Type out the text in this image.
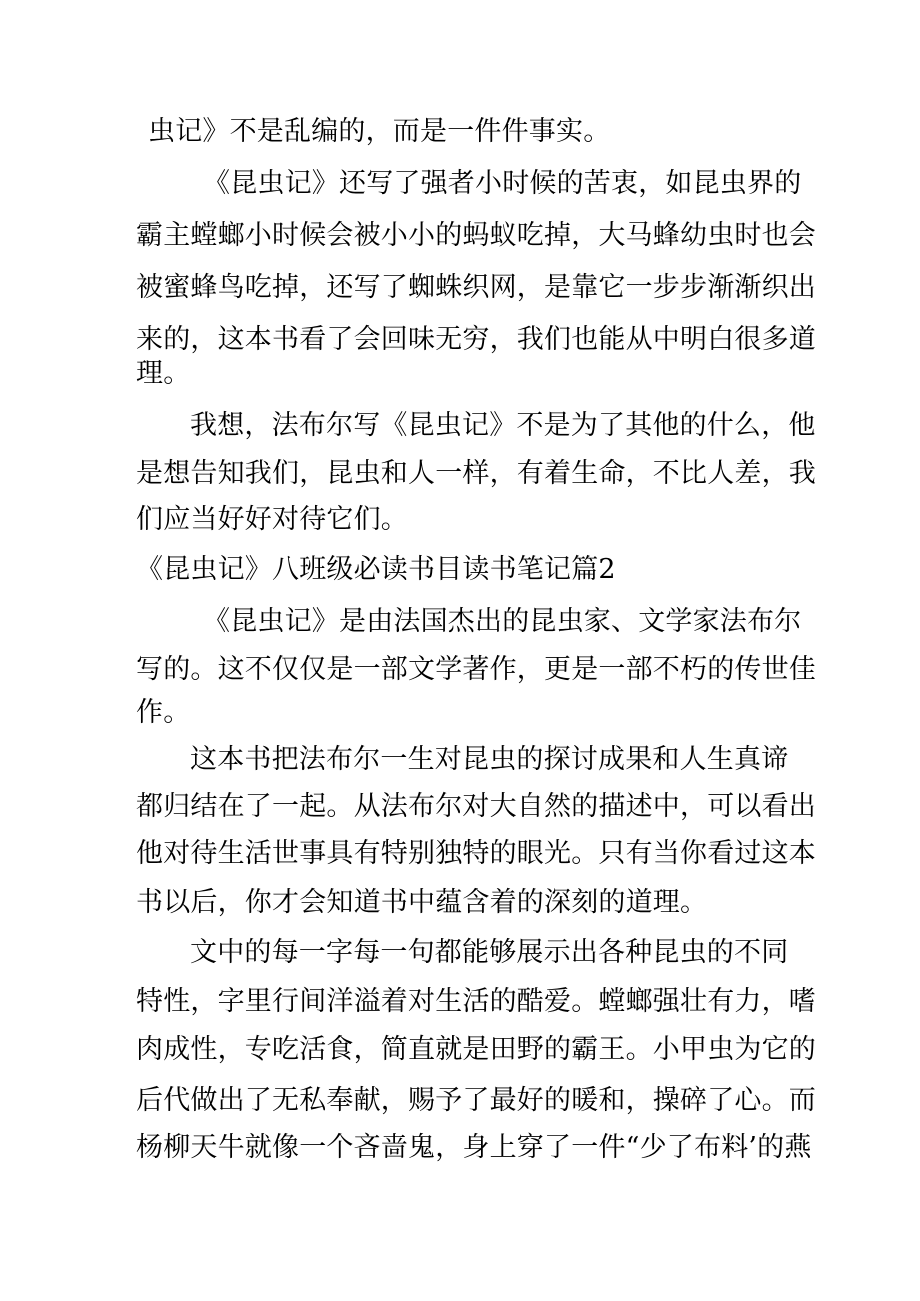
虫记》不是乱编的，而是一件件事实。

《昆虫记》还写了强者小时候的苦衷，如昆虫界的

霸主螳螂小时候会被小小的蚂蚁吃掉，大马蜂幼虫时也会

被蜜蜂鸟吃掉，还写了蜘蛛织网，是靠它一步步渐渐织出

来的，这本书看了会回味无穷，我们也能从中明白很多道

理。

我想，法布尔写《昆虫记》不是为了其他的什么，他

是想告知我们，昆虫和人一样，有着生命，不比人差，我

们应当好好对待它们。

《昆虫记》八班级必读书目读书笔记篇2

《昆虫记》是由法国杰出的昆虫家、文学家法布尔

写的。这不仅仅是一部文学著作，更是一部不朽的传世佳

作。

这本书把法布尔一生对昆虫的探讨成果和人生真谛

都归结在了一起。从法布尔对大自然的描述中，可以看出

他对待生活世事具有特别独特的眼光。只有当你看过这本

书以后，你才会知道书中蕴含着的深刻的道理。

文中的每一字每一句都能够展示出各种昆虫的不同

特性，字里行间洋溢着对生活的酷爱。螳螂强壮有力，嗜

肉成性，专吃活食，简直就是田野的霸王。小甲虫为它的

后代做出了无私奉献，赐予了最好的暖和，操碎了心。而

杨柳天牛就像一个吝啬鬼，身上穿了一件“少了布料’的燕
